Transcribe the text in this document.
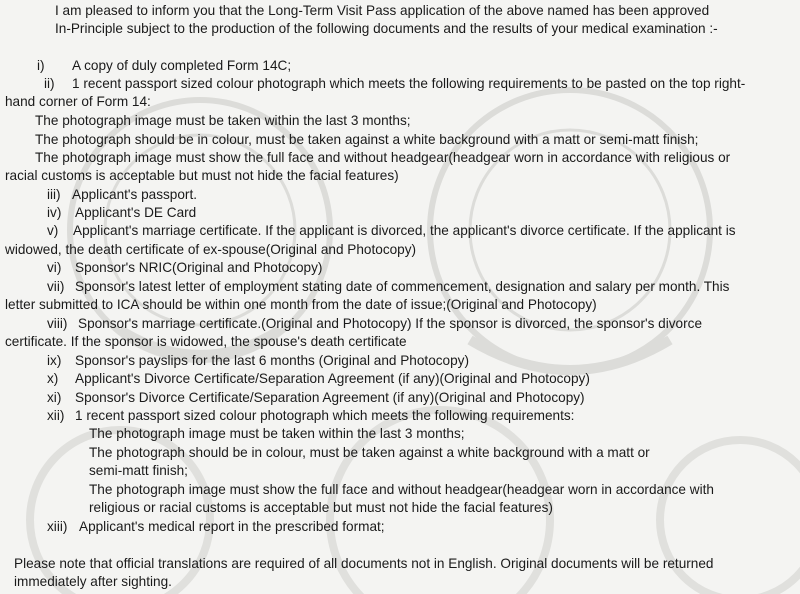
I am pleased to inform you that the Long-Term Visit Pass application of the above named has been approved
In-Principle subject to the production of the following documents and the results of your medical examination :-
i) A copy of duly completed Form 14C;
ii) 1 recent passport sized colour photograph which meets the following requirements to be pasted on the top right-
hand corner of Form 14:
The photograph image must be taken within the last 3 months;
The photograph should be in colour, must be taken against a white background with a matt or semi-matt finish;
The photograph image must show the full face and without headgear(headgear worn in accordance with religious or
racial customs is acceptable but must not hide the facial features)
iii) Applicant's passport.
iv) Applicant's DE Card
v) Applicant's marriage certificate. If the applicant is divorced, the applicant's divorce certificate. If the applicant is
widowed, the death certificate of ex-spouse(Original and Photocopy)
vi) Sponsor's NRIC(Original and Photocopy)
vii) Sponsor's latest letter of employment stating date of commencement, designation and salary per month. This
letter submitted to ICA should be within one month from the date of issue;(Original and Photocopy)
viii) Sponsor's marriage certificate.(Original and Photocopy) If the sponsor is divorced, the sponsor's divorce
certificate. If the sponsor is widowed, the spouse's death certificate
ix) Sponsor's payslips for the last 6 months (Original and Photocopy)
x) Applicant's Divorce Certificate/Separation Agreement (if any)(Original and Photocopy)
xi) Sponsor's Divorce Certificate/Separation Agreement (if any)(Original and Photocopy)
xii) 1 recent passport sized colour photograph which meets the following requirements:
The photograph image must be taken within the last 3 months;
The photograph should be in colour, must be taken against a white background with a matt or
semi-matt finish;
The photograph image must show the full face and without headgear(headgear worn in accordance with
religious or racial customs is acceptable but must not hide the facial features)
xiii) Applicant's medical report in the prescribed format;
Please note that official translations are required of all documents not in English. Original documents will be returned
immediately after sighting.
